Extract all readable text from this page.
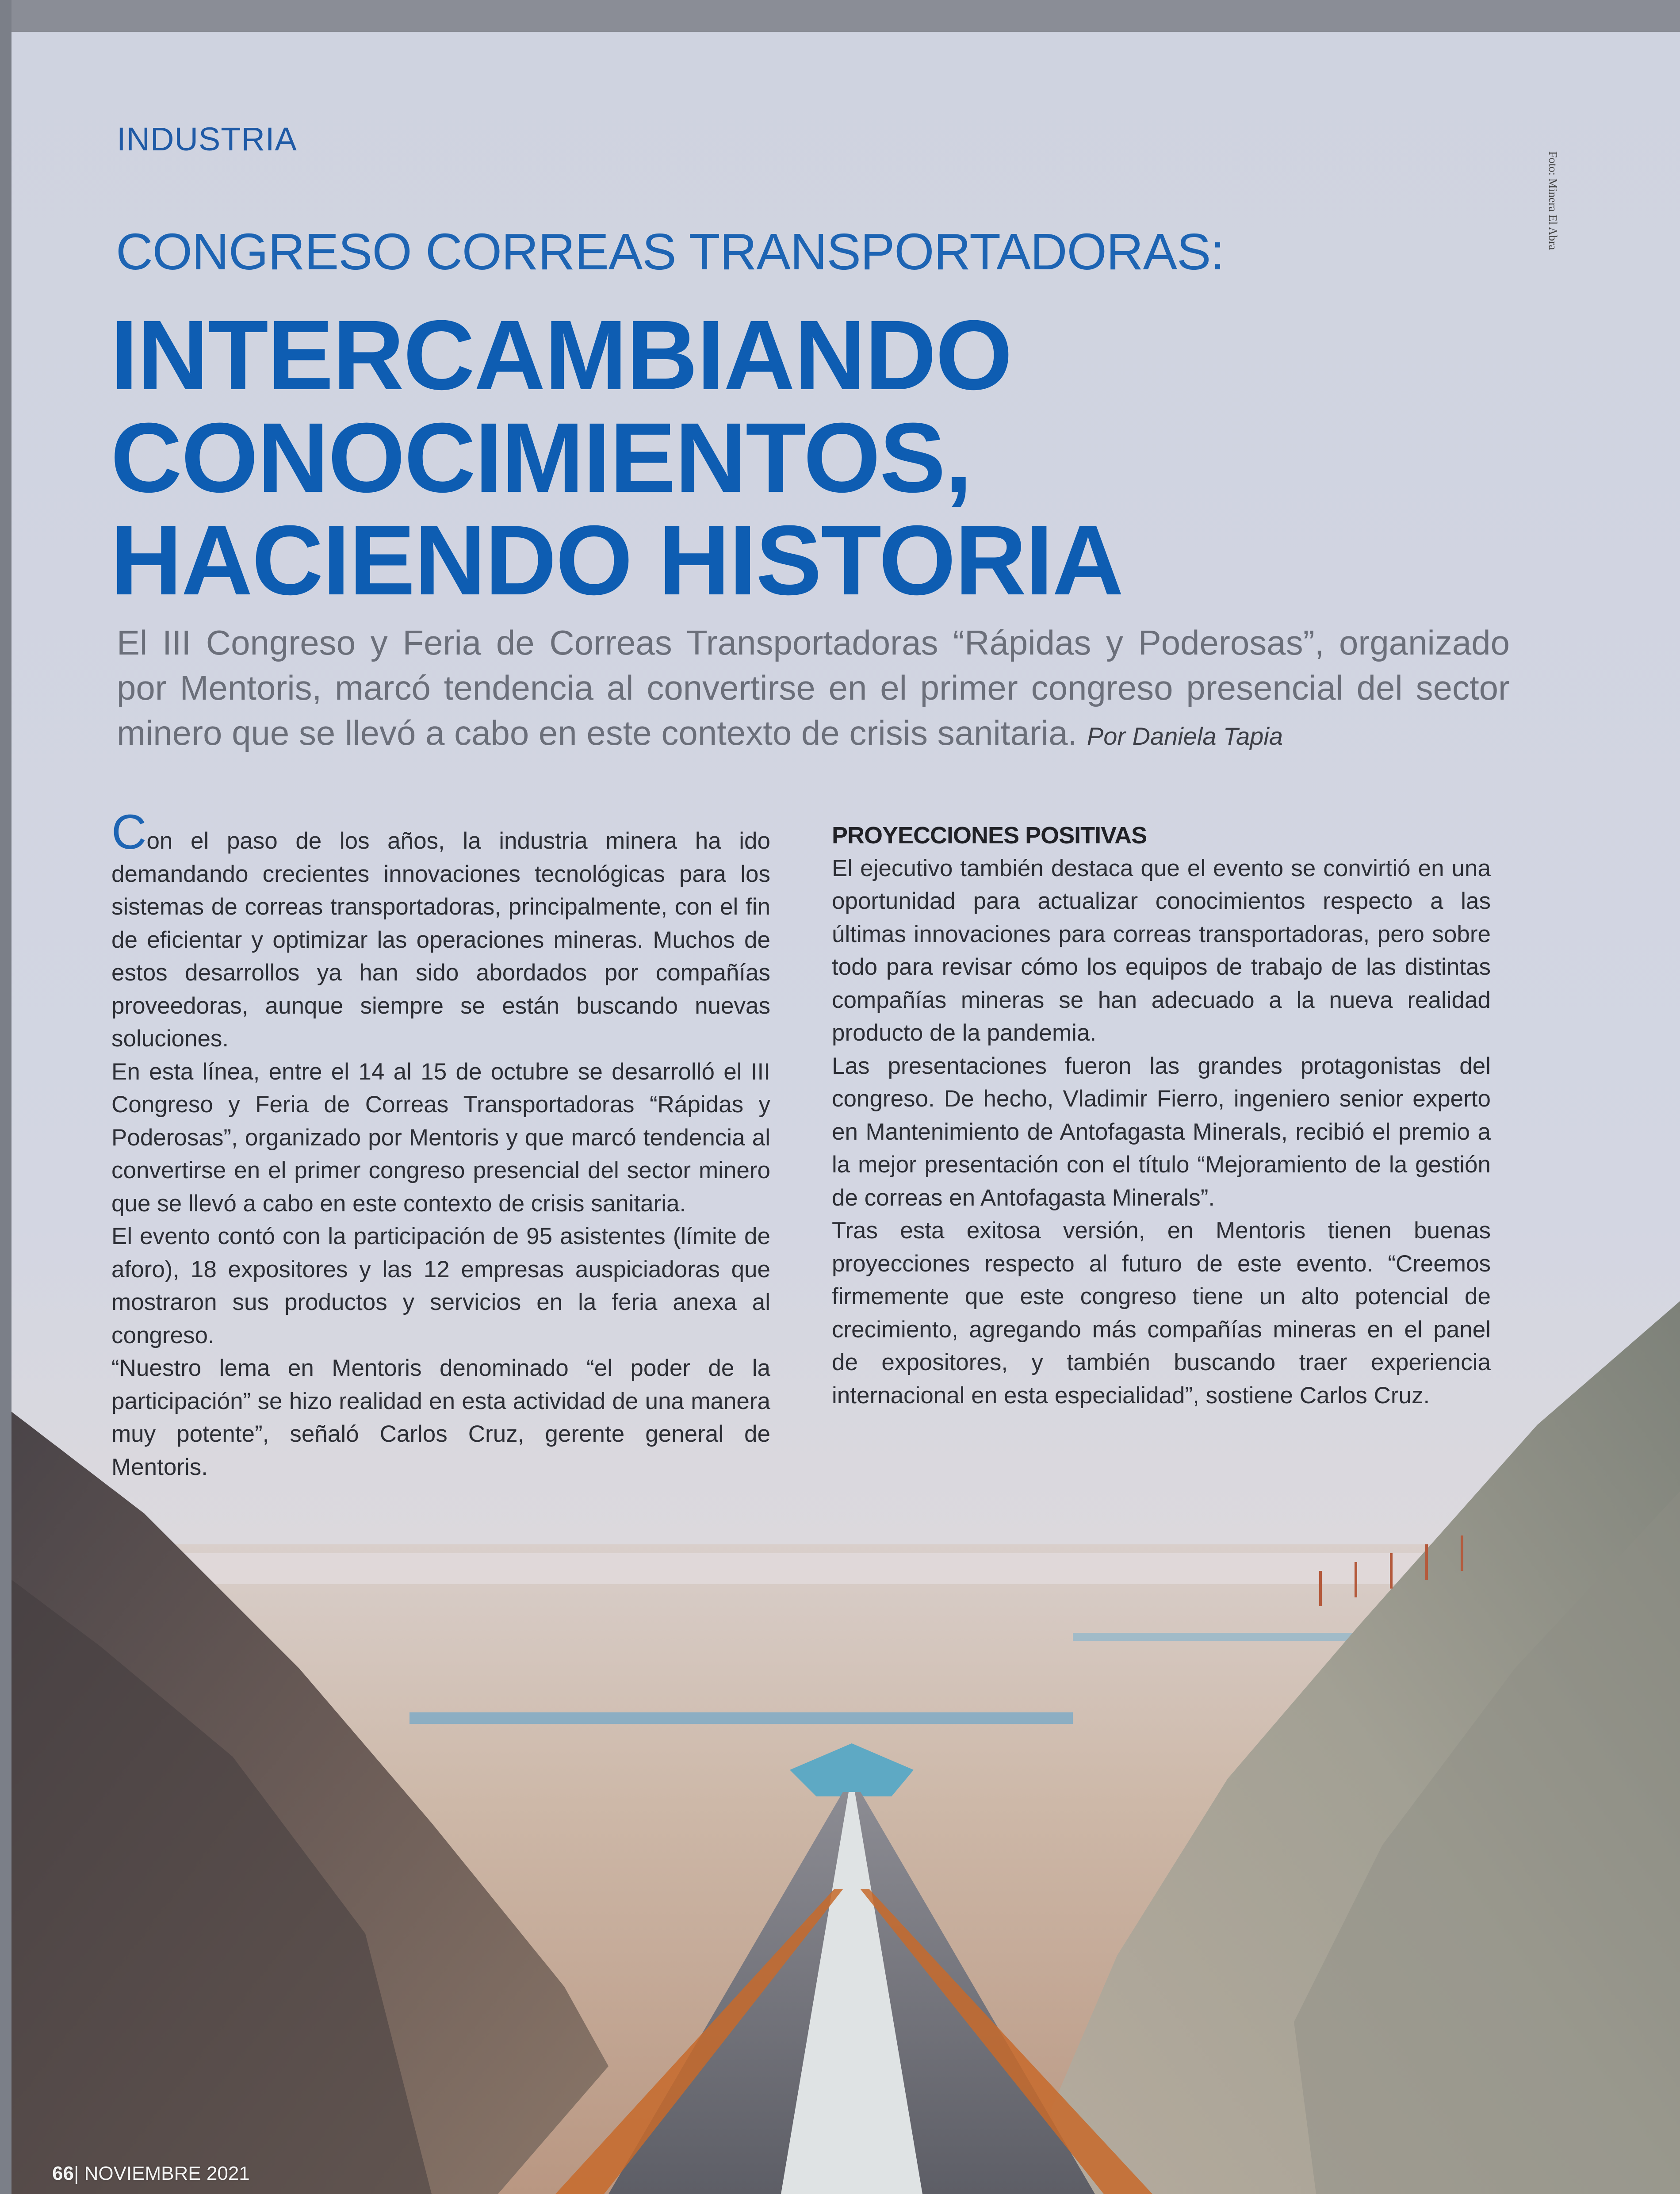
INDUSTRIA
Foto: Minera El Abra
CONGRESO CORREAS TRANSPORTADORAS:
INTERCAMBIANDO
CONOCIMIENTOS,
HACIENDO HISTORIA
El III Congreso y Feria de Correas Transportadoras “Rápidas y Poderosas”, organizado por Mentoris, marcó tendencia al convertirse en el primer congreso presencial del sector minero que se llevó a cabo en este contexto de crisis sanitaria. Por Daniela Tapia

Con el paso de los años, la industria minera ha ido demandando crecientes innovaciones tecnológicas para los sistemas de correas transportadoras, principalmente, con el fin de eficientar y optimizar las operaciones mineras. Muchos de estos desarrollos ya han sido abordados por compañías proveedoras, aunque siempre se están buscando nuevas soluciones.

En esta línea, entre el 14 al 15 de octubre se desarrolló el III Congreso y Feria de Correas Transportadoras “Rápidas y Poderosas”, organizado por Mentoris y que marcó tendencia al convertirse en el primer congreso presencial del sector minero que se llevó a cabo en este contexto de crisis sanitaria.

El evento contó con la participación de 95 asistentes (límite de aforo), 18 expositores y las 12 empresas auspiciadoras que mostraron sus productos y servicios en la feria anexa al congreso.

“Nuestro lema en Mentoris denominado “el poder de la participación” se hizo realidad en esta actividad de una manera muy potente”, señaló Carlos Cruz, gerente general de Mentoris.

PROYECCIONES POSITIVAS

El ejecutivo también destaca que el evento se convirtió en una oportunidad para actualizar conocimientos respecto a las últimas innovaciones para correas transportadoras, pero sobre todo para revisar cómo los equipos de trabajo de las distintas compañías mineras se han adecuado a la nueva realidad producto de la pandemia.

Las presentaciones fueron las grandes protagonistas del congreso. De hecho, Vladimir Fierro, ingeniero senior experto en Mantenimiento de Antofagasta Minerals, recibió el premio a la mejor presentación con el título “Mejoramiento de la gestión de correas en Antofagasta Minerals”.

Tras esta exitosa versión, en Mentoris tienen buenas proyecciones respecto al futuro de este evento. “Creemos firmemente que este congreso tiene un alto potencial de crecimiento, agregando más compañías mineras en el panel de expositores, y también buscando traer experiencia internacional en esta especialidad”, sostiene Carlos Cruz.

66| NOVIEMBRE 2021
